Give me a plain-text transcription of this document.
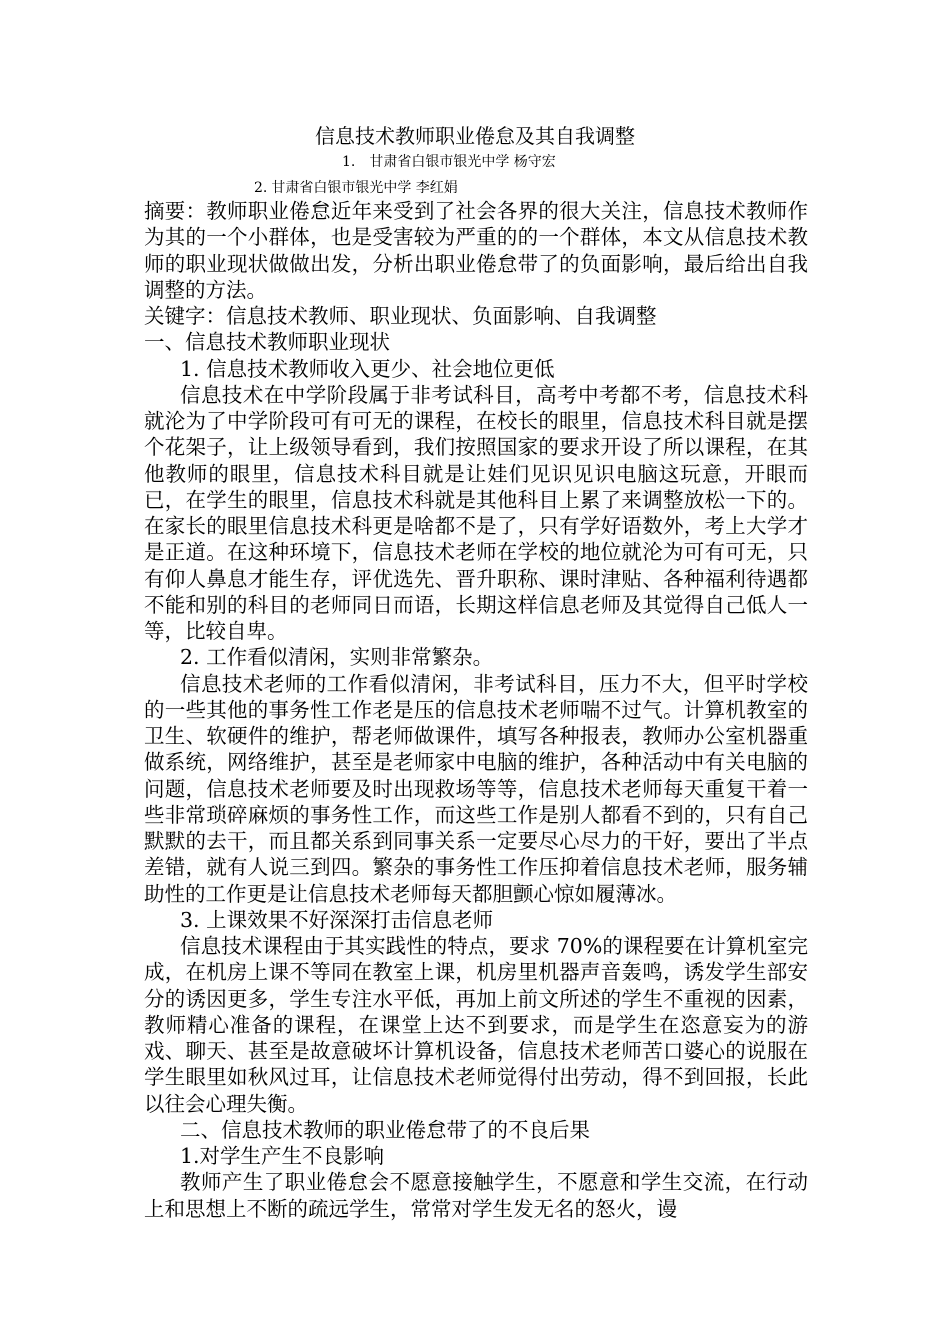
信息技术教师职业倦怠及其自我调整
1. 甘肃省白银市银光中学 杨守宏
2. 甘肃省白银市银光中学 李红娟

摘要：教师职业倦怠近年来受到了社会各界的很大关注，信息技术教师作为其的一个小群体，也是受害较为严重的的一个群体，本文从信息技术教师的职业现状做做出发，分析出职业倦怠带了的负面影响，最后给出自我调整的方法。

关键字：信息技术教师、职业现状、负面影响、自我调整

一、信息技术教师职业现状

1. 信息技术教师收入更少、社会地位更低

信息技术在中学阶段属于非考试科目，高考中考都不考，信息技术科就沦为了中学阶段可有可无的课程，在校长的眼里，信息技术科目就是摆个花架子，让上级领导看到，我们按照国家的要求开设了所以课程，在其他教师的眼里，信息技术科目就是让娃们见识见识电脑这玩意，开眼而已，在学生的眼里，信息技术科就是其他科目上累了来调整放松一下的。在家长的眼里信息技术科更是啥都不是了，只有学好语数外，考上大学才是正道。在这种环境下，信息技术老师在学校的地位就沦为可有可无，只有仰人鼻息才能生存，评优选先、晋升职称、课时津贴、各种福利待遇都不能和别的科目的老师同日而语，长期这样信息老师及其觉得自己低人一等，比较自卑。

2. 工作看似清闲，实则非常繁杂。

信息技术老师的工作看似清闲，非考试科目，压力不大，但平时学校的一些其他的事务性工作老是压的信息技术老师喘不过气。计算机教室的卫生、软硬件的维护，帮老师做课件，填写各种报表，教师办公室机器重做系统，网络维护，甚至是老师家中电脑的维护，各种活动中有关电脑的问题，信息技术老师要及时出现救场等等，信息技术老师每天重复干着一些非常琐碎麻烦的事务性工作，而这些工作是别人都看不到的，只有自己默默的去干，而且都关系到同事关系一定要尽心尽力的干好，要出了半点差错，就有人说三到四。繁杂的事务性工作压抑着信息技术老师，服务辅助性的工作更是让信息技术老师每天都胆颤心惊如履薄冰。

3. 上课效果不好深深打击信息老师

信息技术课程由于其实践性的特点，要求 70%的课程要在计算机室完成，在机房上课不等同在教室上课，机房里机器声音轰鸣，诱发学生部安分的诱因更多，学生专注水平低，再加上前文所述的学生不重视的因素，教师精心准备的课程，在课堂上达不到要求，而是学生在恣意妄为的游戏、聊天、甚至是故意破坏计算机设备，信息技术老师苦口婆心的说服在学生眼里如秋风过耳，让信息技术老师觉得付出劳动，得不到回报，长此以往会心理失衡。

二、信息技术教师的职业倦怠带了的不良后果

1.对学生产生不良影响

教师产生了职业倦怠会不愿意接触学生，不愿意和学生交流，在行动上和思想上不断的疏远学生，常常对学生发无名的怒火，谩
